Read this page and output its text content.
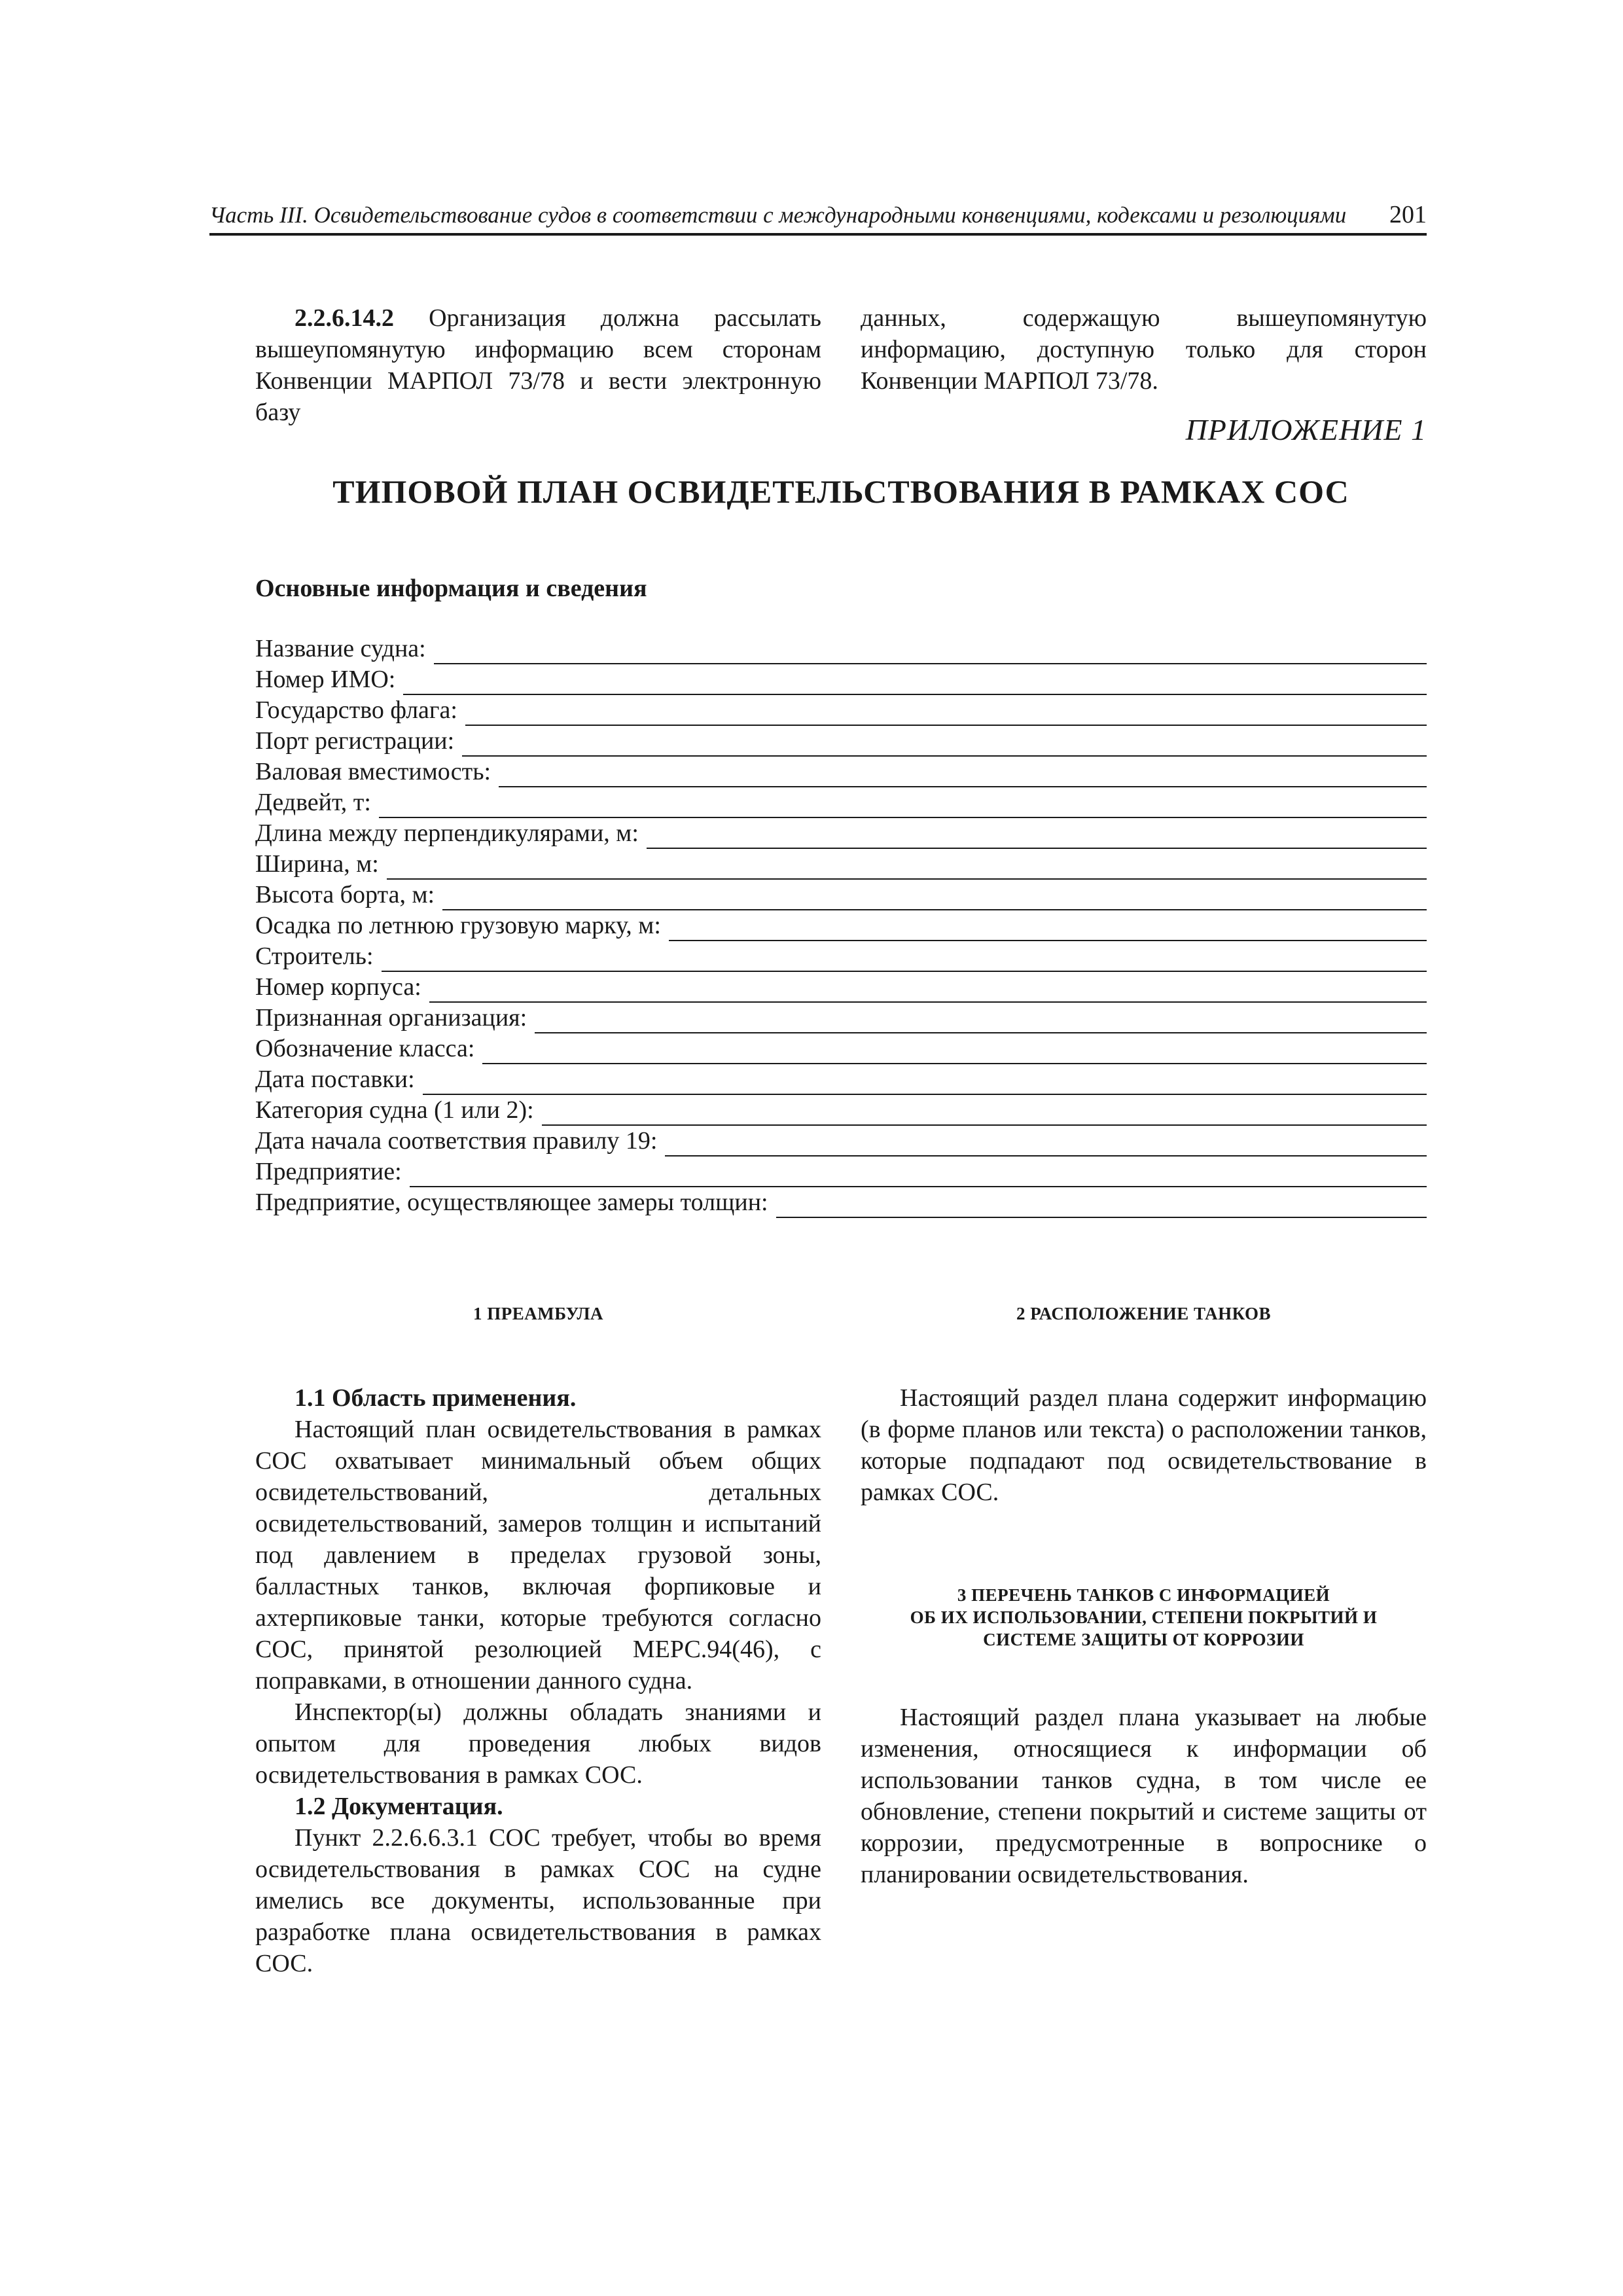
Часть III. Освидетельствование судов в соответствии с международными конвенциями, кодексами и резолюциями 201

2.2.6.14.2 Организация должна рассылать вышеупомянутую информацию всем сторонам Конвенции МАРПОЛ 73/78 и вести электронную базу

данных, содержащую вышеупомянутую информацию, доступную только для сторон Конвенции МАРПОЛ 73/78.

ПРИЛОЖЕНИЕ 1
ТИПОВОЙ ПЛАН ОСВИДЕТЕЛЬСТВОВАНИЯ В РАМКАХ СОС
Основные информация и сведения
Название судна:
Номер ИМО:
Государство флага:
Порт регистрации:
Валовая вместимость:
Дедвейт, т:
Длина между перпендикулярами, м:
Ширина, м:
Высота борта, м:
Осадка по летнюю грузовую марку, м:
Строитель:
Номер корпуса:
Признанная организация:
Обозначение класса:
Дата поставки:
Категория судна (1 или 2):
Дата начала соответствия правилу 19:
Предприятие:
Предприятие, осуществляющее замеры толщин:
1 ПРЕАМБУЛА	2 РАСПОЛОЖЕНИЕ ТАНКОВ

1.1 Область применения.

Настоящий план освидетельствования в рамках СОС охватывает минимальный объем общих освидетельствований, детальных освидетельствований, замеров толщин и испытаний под давлением в пределах грузовой зоны, балластных танков, включая форпиковые и ахтерпиковые танки, которые требуются согласно СОС, принятой резолюцией МЕРС.94(46), с поправками, в отношении данного судна.

Инспектор(ы) должны обладать знаниями и опытом для проведения любых видов освидетельствования в рамках СОС.

1.2 Документация.

Пункт 2.2.6.6.3.1 СОС требует, чтобы во время освидетельствования в рамках СОС на судне имелись все документы, использованные при разработке плана освидетельствования в рамках СОС.

Настоящий раздел плана содержит информацию (в форме планов или текста) о расположении танков, которые подпадают под освидетельствование в рамках СОС.

3 ПЕРЕЧЕНЬ ТАНКОВ С ИНФОРМАЦИЕЙ
ОБ ИХ ИСПОЛЬЗОВАНИИ, СТЕПЕНИ ПОКРЫТИЙ И
СИСТЕМЕ ЗАЩИТЫ ОТ КОРРОЗИИ

Настоящий раздел плана указывает на любые изменения, относящиеся к информации об использовании танков судна, в том числе ее обновление, степени покрытий и системе защиты от коррозии, предусмотренные в вопроснике о планировании освидетельствования.
